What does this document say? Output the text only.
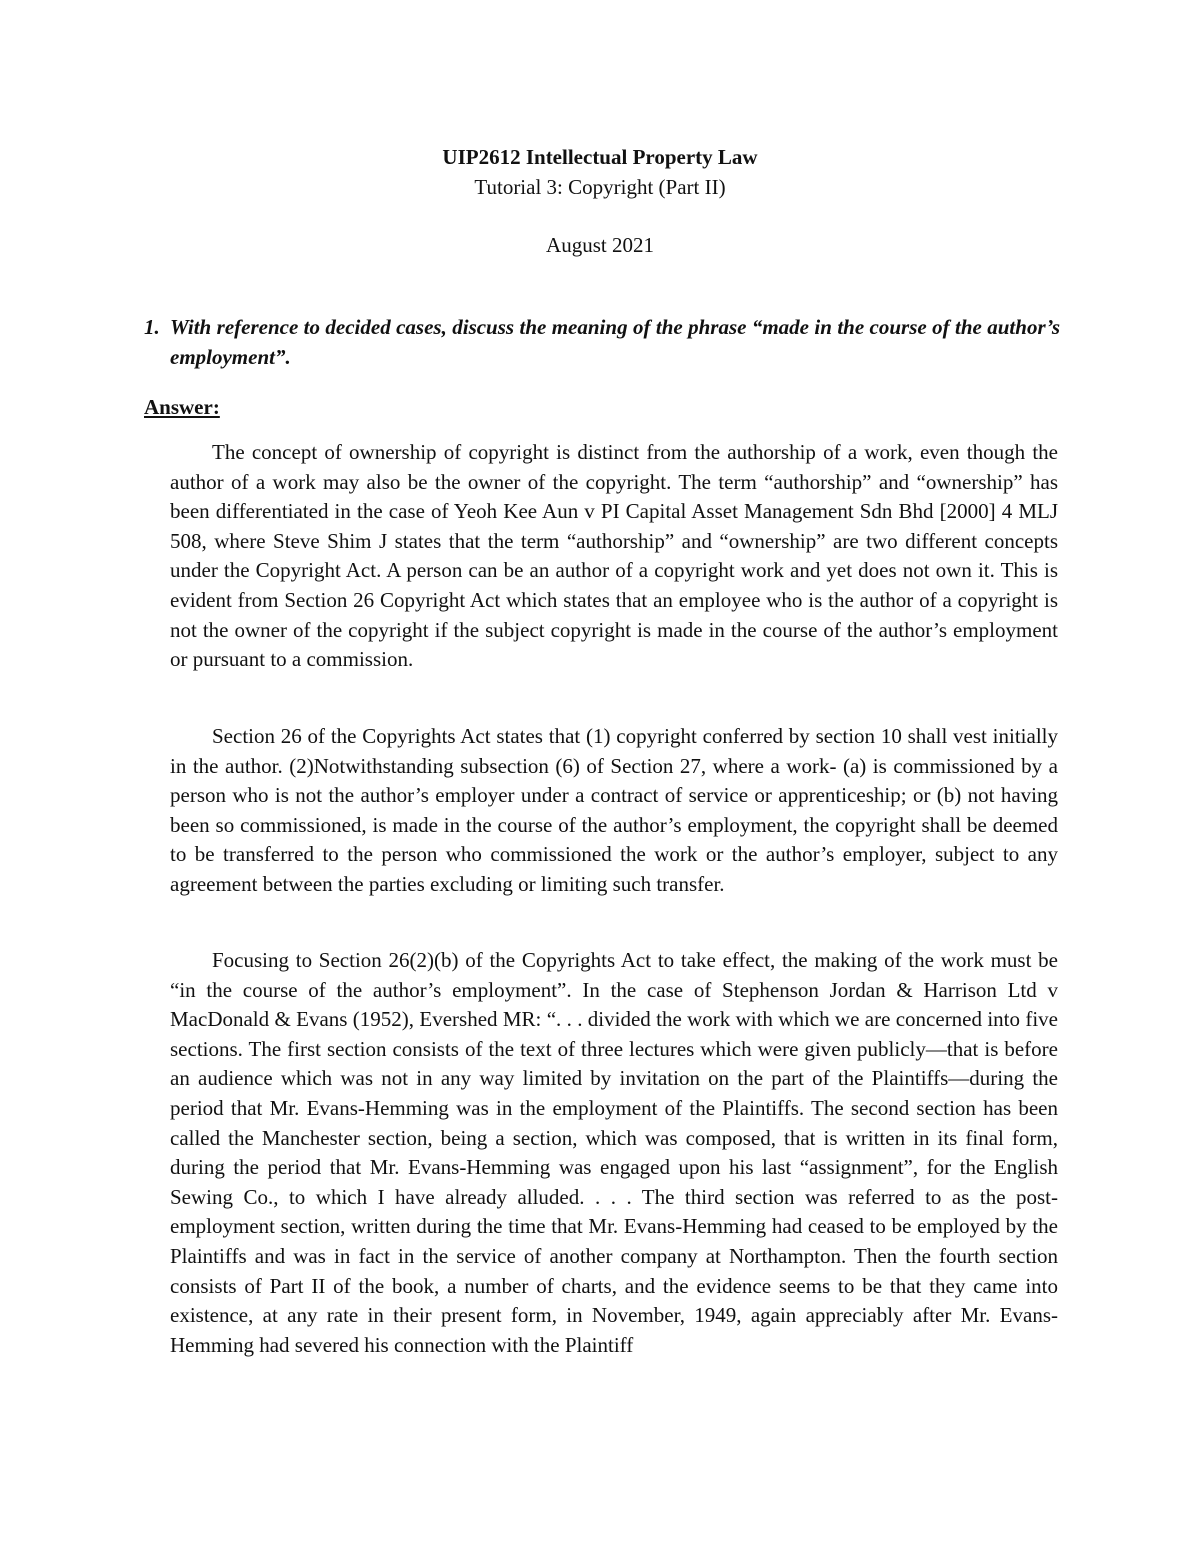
UIP2612 Intellectual Property Law
Tutorial 3: Copyright (Part II)
August 2021
1. With reference to decided cases, discuss the meaning of the phrase “made in the course of the author’s employment”.
Answer:

The concept of ownership of copyright is distinct from the authorship of a work, even though the author of a work may also be the owner of the copyright. The term “authorship” and “ownership” has been differentiated in the case of Yeoh Kee Aun v PI Capital Asset Management Sdn Bhd [2000] 4 MLJ 508, where Steve Shim J states that the term “authorship” and “ownership” are two different concepts under the Copyright Act. A person can be an author of a copyright work and yet does not own it. This is evident from Section 26 Copyright Act which states that an employee who is the author of a copyright is not the owner of the copyright if the subject copyright is made in the course of the author’s employment or pursuant to a commission.

Section 26 of the Copyrights Act states that (1) copyright conferred by section 10 shall vest initially in the author. (2)Notwithstanding subsection (6) of Section 27, where a work- (a) is commissioned by a person who is not the author’s employer under a contract of service or apprenticeship; or (b) not having been so commissioned, is made in the course of the author’s employment, the copyright shall be deemed to be transferred to the person who commissioned the work or the author’s employer, subject to any agreement between the parties excluding or limiting such transfer.

Focusing to Section 26(2)(b) of the Copyrights Act to take effect, the making of the work must be “in the course of the author’s employment”. In the case of Stephenson Jordan & Harrison Ltd v MacDonald & Evans (1952), Evershed MR: “. . . divided the work with which we are concerned into five sections. The first section consists of the text of three lectures which were given publicly—that is before an audience which was not in any way limited by invitation on the part of the Plaintiffs—during the period that Mr. Evans-Hemming was in the employment of the Plaintiffs. The second section has been called the Manchester section, being a section, which was composed, that is written in its final form, during the period that Mr. Evans-Hemming was engaged upon his last “assignment”, for the English Sewing Co., to which I have already alluded. . . . The third section was referred to as the post-employment section, written during the time that Mr. Evans-Hemming had ceased to be employed by the Plaintiffs and was in fact in the service of another company at Northampton. Then the fourth section consists of Part II of the book, a number of charts, and the evidence seems to be that they came into existence, at any rate in their present form, in November, 1949, again appreciably after Mr. Evans-Hemming had severed his connection with the Plaintiff
